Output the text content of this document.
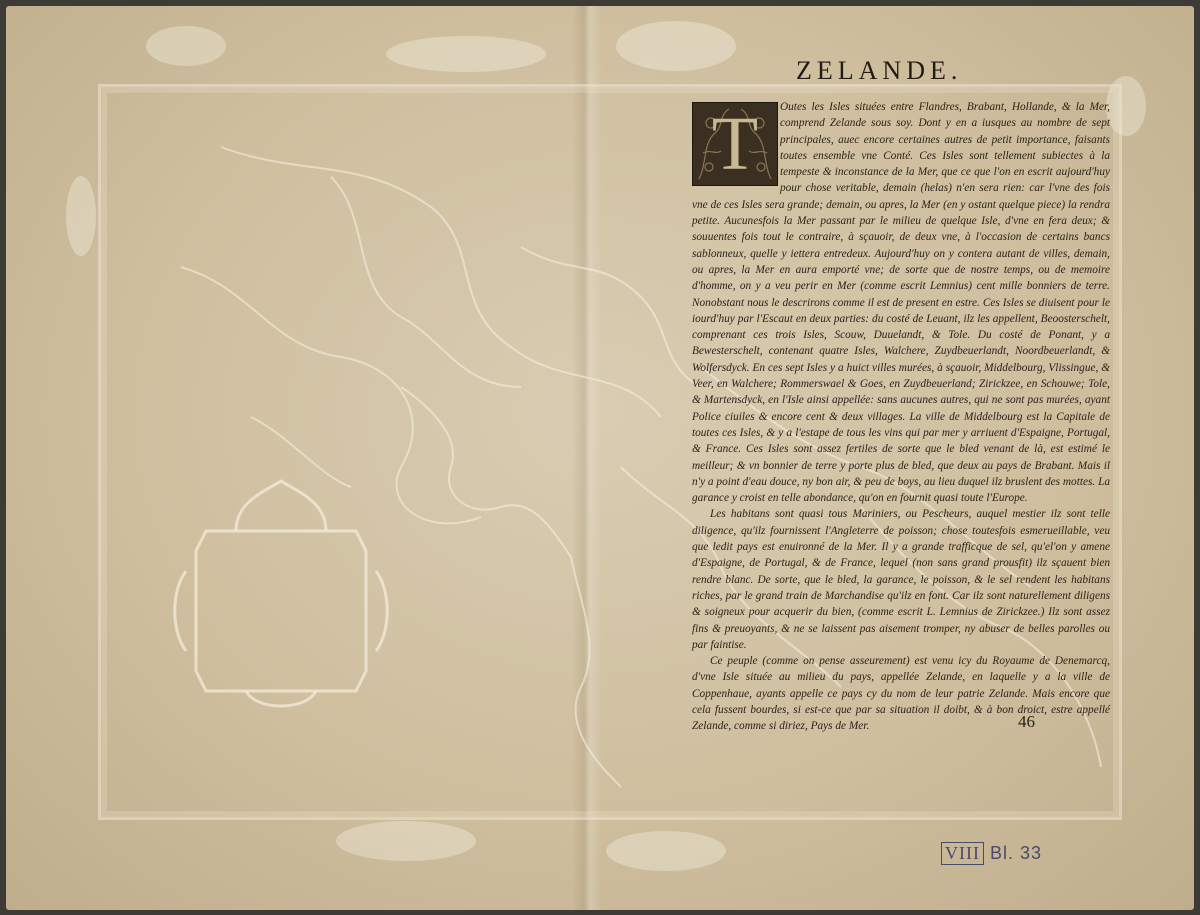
ZELANDE.

Outes les Isles situées entre Flandres, Brabant, Hollande, & la Mer, comprend Zelande sous soy. Dont y en a iusques au nombre de sept principales, auec encore certaines autres de petit importance, faisants toutes ensemble vne Conté. Ces Isles sont tellement subiectes à la tempeste & inconstance de la Mer, que ce que l'on en escrit aujourd'huy pour chose veritable, demain (helas) n'en sera rien: car l'vne des fois vne de ces Isles sera grande; demain, ou apres, la Mer (en y ostant quelque piece) la rendra petite. Aucunesfois la Mer passant par le milieu de quelque Isle, d'vne en fera deux; & souuentes fois tout le contraire, à sçauoir, de deux vne, à l'occasion de certains bancs sablonneux, quelle y iettera entredeux. Aujourd'huy on y contera autant de villes, demain, ou apres, la Mer en aura emporté vne; de sorte que de nostre temps, ou de memoire d'homme, on y a veu perir en Mer (comme escrit Lemnius) cent mille bonniers de terre. Nonobstant nous le descrirons comme il est de present en estre. Ces Isles se diuisent pour le iourd'huy par l'Escaut en deux parties: du costé de Leuant, ilz les appellent, Beoosterschelt, comprenant ces trois Isles, Scouw, Duuelandt, & Tole. Du costé de Ponant, y a Bewesterschelt, contenant quatre Isles, Walchere, Zuydbeuerlandt, Noordbeuerlandt, & Wolfersdyck. En ces sept Isles y a huict villes murées, à sçauoir, Middelbourg, Vlissingue, & Veer, en Walchere; Rommerswael & Goes, en Zuydbeuerland; Zirickzee, en Schouwe; Tole, & Martensdyck, en l'Isle ainsi appellée: sans aucunes autres, qui ne sont pas murées, ayant Police ciuiles & encore cent & deux villages. La ville de Middelbourg est la Capitale de toutes ces Isles, & y a l'estape de tous les vins qui par mer y arriuent d'Espaigne, Portugal, & France. Ces Isles sont assez fertiles de sorte que le bled venant de là, est estimé le meilleur; & vn bonnier de terre y porte plus de bled, que deux au pays de Brabant. Mais il n'y a point d'eau douce, ny bon air, & peu de boys, au lieu duquel ilz bruslent des mottes. La garance y croist en telle abondance, qu'on en fournit quasi toute l'Europe.

Les habitans sont quasi tous Mariniers, ou Pescheurs, auquel mestier ilz sont telle diligence, qu'ilz fournissent l'Angleterre de poisson; chose toutesfois esmerueillable, veu que ledit pays est enuironné de la Mer. Il y a grande trafficque de sel, qu'el'on y amene d'Espaigne, de Portugal, & de France, lequel (non sans grand prousfit) ilz sçauent bien rendre blanc. De sorte, que le bled, la garance, le poisson, & le sel rendent les habitans riches, par le grand train de Marchandise qu'ilz en font. Car ilz sont naturellement diligens & soigneux pour acquerir du bien, (comme escrit L. Lemnius de Zirickzee.) Ilz sont assez fins & preuoyants, & ne se laissent pas aisement tromper, ny abuser de belles parolles ou par faintise.

Ce peuple (comme on pense asseurement) est venu icy du Royaume de Denemarcq, d'vne Isle située au milieu du pays, appellée Zelande, en laquelle y a la ville de Coppenhaue, ayants appelle ce pays cy du nom de leur patrie Zelande. Mais encore que cela fussent bourdes, si est-ce que par sa situation il doibt, & à bon droict, estre appellé Zelande, comme si diriez, Pays de Mer.

T
46
VIII Bl. 33
